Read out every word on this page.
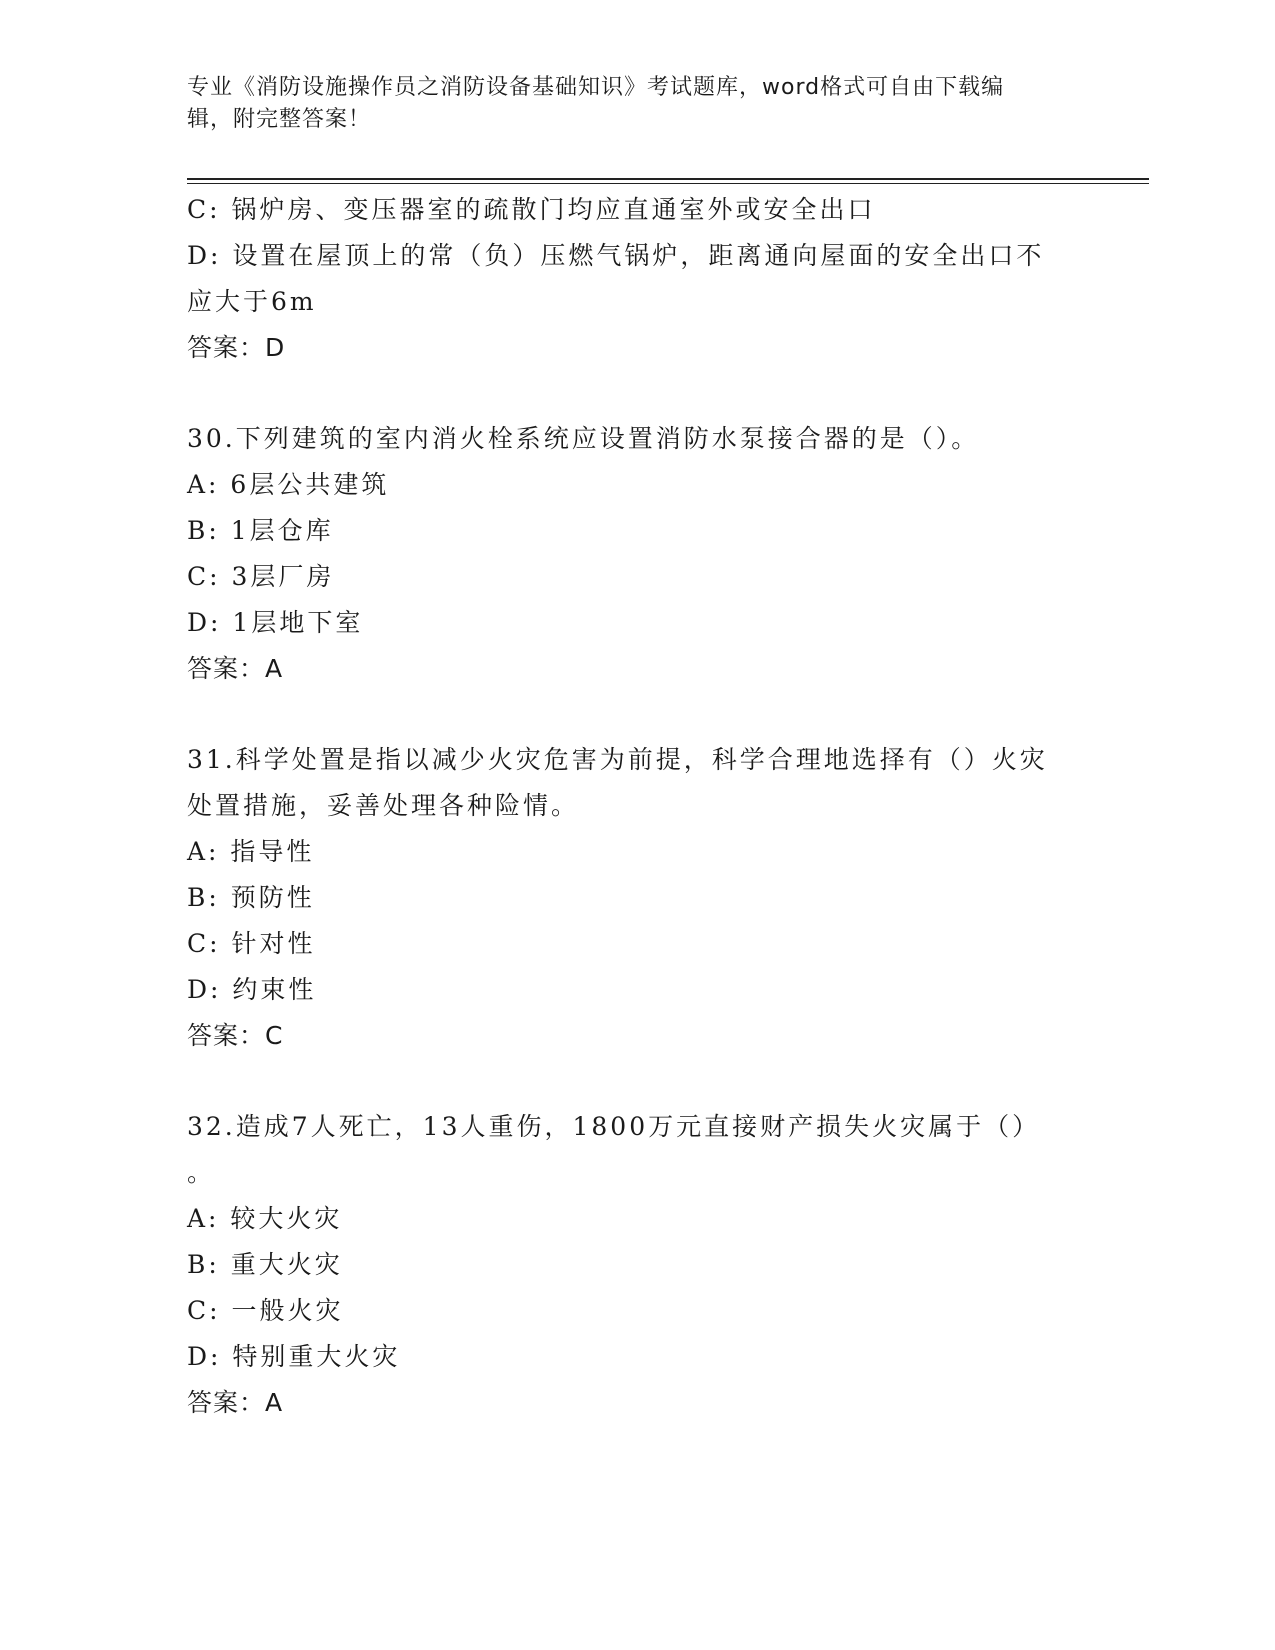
专业《消防设施操作员之消防设备基础知识》考试题库，word格式可自由下载编
辑，附完整答案！
C: 锅炉房、变压器室的疏散门均应直通室外或安全出口
D: 设置在屋顶上的常（负）压燃气锅炉，距离通向屋面的安全出口不
应大于6m
答案：D
30.下列建筑的室内消火栓系统应设置消防水泵接合器的是（）。
A: 6层公共建筑
B: 1层仓库
C: 3层厂房
D: 1层地下室
答案：A
31.科学处置是指以减少火灾危害为前提，科学合理地选择有（）火灾
处置措施，妥善处理各种险情。
A: 指导性
B: 预防性
C: 针对性
D: 约束性
答案：C
32.造成7人死亡，13人重伤，1800万元直接财产损失火灾属于（）
。
A: 较大火灾
B: 重大火灾
C: 一般火灾
D: 特别重大火灾
答案：A
